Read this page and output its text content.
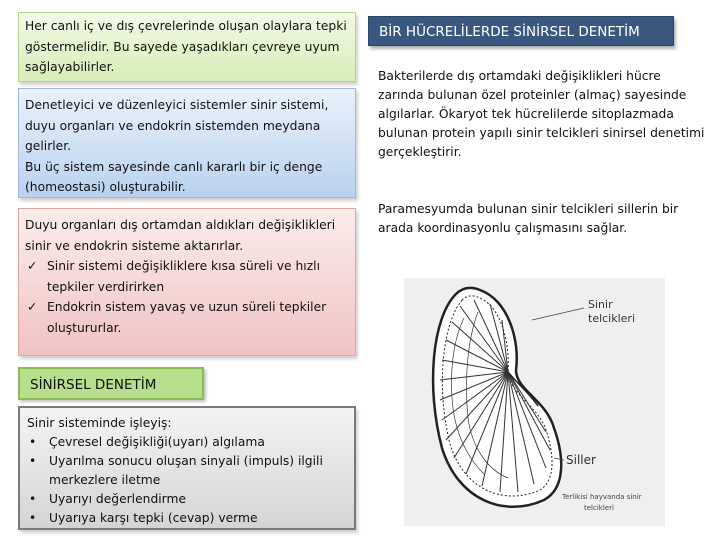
Her canlı iç ve dış çevrelerinde oluşan olaylara tepki göstermelidir. Bu sayede yaşadıkları çevreye uyum sağlayabilirler.

Denetleyici ve düzenleyici sistemler sinir sistemi, duyu organları ve endokrin sistemden meydana gelirler.

Bu üç sistem sayesinde canlı kararlı bir iç denge (homeostasi) oluşturabilir.

Duyu organları dış ortamdan aldıkları değişiklikleri sinir ve endokrin sisteme aktarırlar.

✓ Sinir sistemi değişikliklere kısa süreli ve hızlı tepkiler verdirirken
✓ Endokrin sistem yavaş ve uzun süreli tepkiler oluştururlar.
SİNİRSEL DENETİM

Sinir sisteminde işleyiş:

• Çevresel değişikliği(uyarı) algılama
• Uyarılma sonucu oluşan sinyali (impuls) ilgili merkezlere iletme
• Uyarıyı değerlendirme
• Uyarıya karşı tepki (cevap) verme
BİR HÜCRELİLERDE SİNİRSEL DENETİM
Bakterilerde dış ortamdaki değişiklikleri hücre zarında bulunan özel proteinler (almaç) sayesinde algılarlar. Ökaryot tek hücrelilerde sitoplazmada bulunan protein yapılı sinir telcikleri sinirsel denetimi gerçekleştirir.
Paramesyumda bulunan sinir telcikleri sillerin bir arada koordinasyonlu çalışmasını sağlar.
Sinir
telcikleri
Siller
Terlikisi hayvanda sinir
telcikleri
